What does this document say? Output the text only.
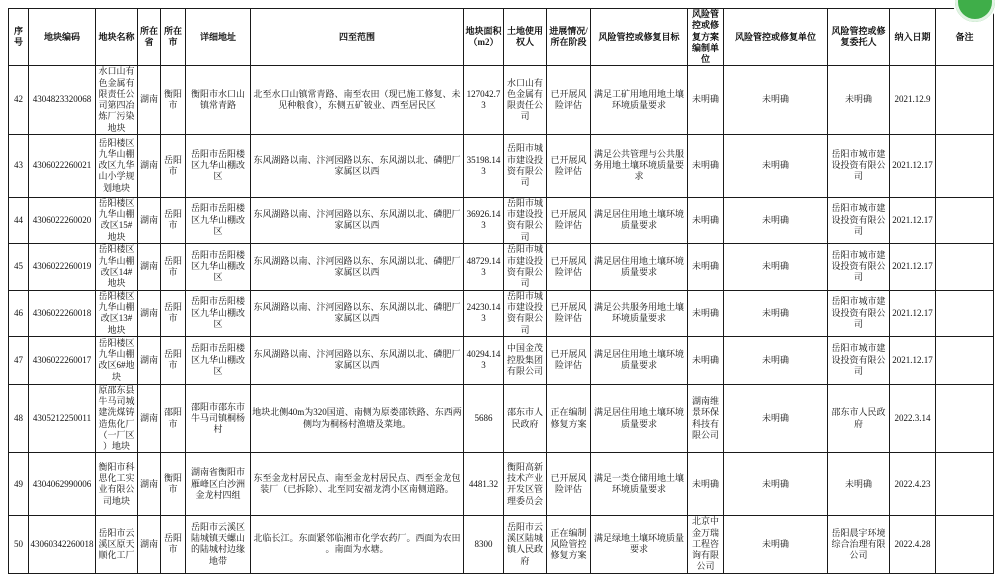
序号	地块编码	地块名称	所在省	所在市	详细地址	四至范围	地块面积（m2）	土地使用权人	进展情况/所在阶段	风险管控或修复目标	风险管控或修复方案编制单位	风险管控或修复单位	风险管控或修复委托人	纳入日期	备注
42	4304823320068	水口山有色金属有限责任公司第四冶炼厂污染地块	湖南	衡阳市	衡阳市水口山镇常青路	北至水口山镇常青路、南至农田（现已施工修复、未见种粮食），东侧五矿铍业、西至居民区	127042.73	水口山有色金属有限责任公司	已开展风险评估	满足工矿用地用地土壤环境质量要求	未明确	未明确	未明确	2021.12.9	
43	4306022260021	岳阳楼区九华山棚改区九华山小学规划地块	湖南	岳阳市	岳阳市岳阳楼区九华山棚改区	东风湖路以南、汴河园路以东、东风湖以北、磷肥厂家属区以西	35198.143	岳阳市城市建设投资有限公司	已开展风险评估	满足公共管理与公共服务用地土壤环境质量要求	未明确	未明确	岳阳市城市建设投资有限公司	2021.12.17	
44	4306022260020	岳阳楼区九华山棚改区15#地块	湖南	岳阳市	岳阳市岳阳楼区九华山棚改区	东风湖路以南、汴河园路以东、东风湖以北、磷肥厂家属区以西	36926.143	岳阳市城市建设投资有限公司	已开展风险评估	满足居住用地土壤环境质量要求	未明确	未明确	岳阳市城市建设投资有限公司	2021.12.17	
45	4306022260019	岳阳楼区九华山棚改区14#地块	湖南	岳阳市	岳阳市岳阳楼区九华山棚改区	东风湖路以南、汴河园路以东、东风湖以北、磷肥厂家属区以西	48729.143	岳阳市城市建设投资有限公司	已开展风险评估	满足居住用地土壤环境质量要求	未明确	未明确	岳阳市城市建设投资有限公司	2021.12.17	
46	4306022260018	岳阳楼区九华山棚改区13#地块	湖南	岳阳市	岳阳市岳阳楼区九华山棚改区	东风湖路以南、汴河园路以东、东风湖以北、磷肥厂家属区以西	24230.143	岳阳市城市建设投资有限公司	已开展风险评估	满足公共服务用地土壤环境质量要求	未明确	未明确	岳阳市城市建设投资有限公司	2021.12.17	
47	4306022260017	岳阳楼区九华山棚改区6#地块	湖南	岳阳市	岳阳市岳阳楼区九华山棚改区	东风湖路以南、汴河园路以东、东风湖以北、磷肥厂家属区以西	40294.143	中国金茂控股集团有限公司	已开展风险评估	满足居住用地土壤环境质量要求	未明确	未明确	岳阳市城市建设投资有限公司	2021.12.17	
48	4305212250011	原邵东县牛马司城建洗煤铸造焦化厂（一厂区）地块	湖南	邵阳市	邵阳市邵东市牛马司镇桐杨村	地块北侧40m为320国道、南侧为原娄邵铁路、东西两侧均为桐杨村渔塘及菜地。	5686	邵东市人民政府	正在编制修复方案	满足居住用地土壤环境质量要求	湖南维景环保科技有限公司	未明确	邵东市人民政府	2022.3.14	
49	4304062990006	衡阳市科思化工实业有限公司地块	湖南	衡阳市	湖南省衡阳市雁峰区白沙洲金龙村四组	东至金龙村居民点、南至金龙村居民点、西至金龙包装厂（已拆除）、北至同安福龙湾小区南侧道路。	4481.32	衡阳高新技术产业开发区管理委员会	已开展风险评估	满足一类仓储用地土壤环境质量要求	未明确	未明确	未明确	2022.4.23	
50	43060342260018	岳阳市云溪区原天顺化工厂	湖南	岳阳市	岳阳市云溪区陆城镇天螺山的陆城村边缘地带	北临长江。东面紧邻临湘市化学农药厂。西面为农田。南面为水塘。	8300	岳阳市云溪区陆城镇人民政府	正在编制风险管控修复方案	满足绿地土壤环境质量要求	北京中金万瑞工程咨询有限公司	未明确	岳阳晨宇环境综合治理有限公司	2022.4.28	
